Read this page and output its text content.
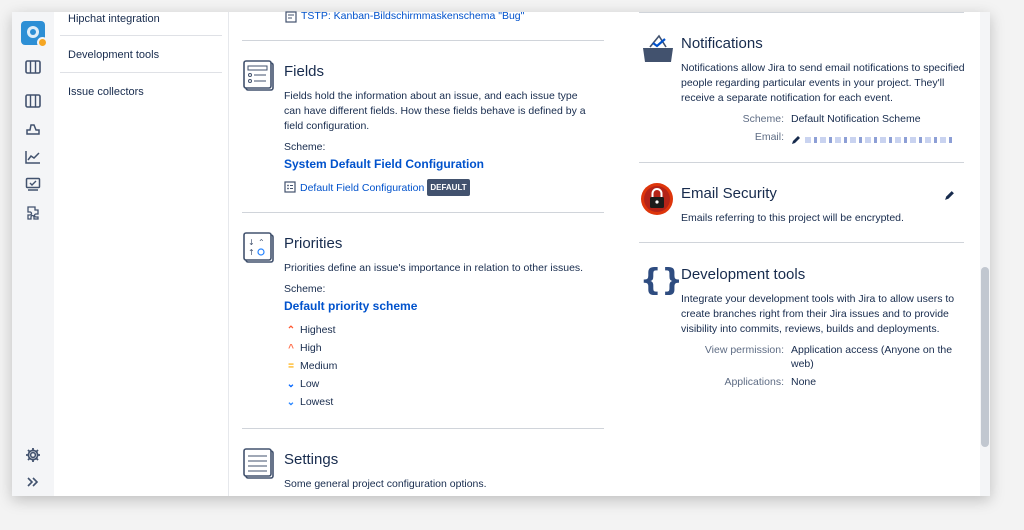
Hipchat integration
Development tools
Issue collectors
TSTP: Kanban-Bildschirmmaskenschema "Bug"
Fields
Fields hold the information about an issue, and each issue type can have different fields. How these fields behave is defined by a field configuration.
Scheme:
System Default Field Configuration
Default Field Configuration DEFAULT
↓ ⌃
↑
Priorities
Priorities define an issue's importance in relation to other issues.
Scheme:
Default priority scheme
⌃ Highest
^ High
= Medium
⌄ Low
⌄ Lowest
Settings
Some general project configuration options.
Notifications
Notifications allow Jira to send email notifications to specified people regarding particular events in your project. They'll receive a separate notification for each event.
Scheme: Default Notification Scheme
Email:
Email Security
Emails referring to this project will be encrypted.
{}
Development tools
Integrate your development tools with Jira to allow users to create branches right from their Jira issues and to provide visibility into commits, reviews, builds and deployments.
View permission: Application access (Anyone on the web)
Applications: None
